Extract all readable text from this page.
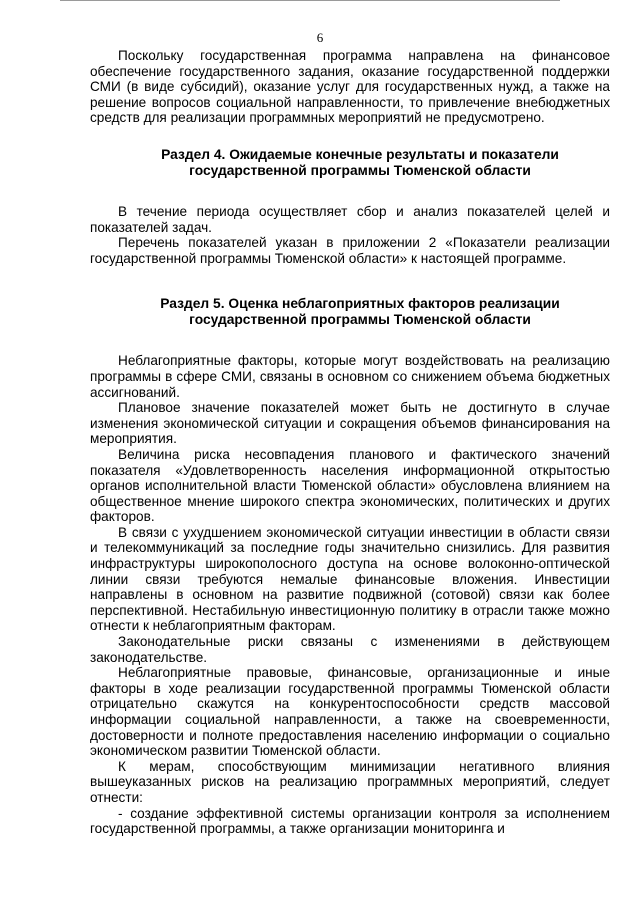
6

Поскольку государственная программа направлена на финансовое обеспечение государственного задания, оказание государственной поддержки СМИ (в виде субсидий), оказание услуг для государственных нужд, а также на решение вопросов социальной направленности, то привлечение внебюджетных средств для реализации программных мероприятий не предусмотрено.

Раздел 4. Ожидаемые конечные результаты и показатели
государственной программы Тюменской области

В течение периода осуществляет сбор и анализ показателей целей и показателей задач.

Перечень показателей указан в приложении 2 «Показатели реализации государственной программы Тюменской области» к настоящей программе.

Раздел 5. Оценка неблагоприятных факторов реализации
государственной программы Тюменской области

Неблагоприятные факторы, которые могут воздействовать на реализацию программы в сфере СМИ, связаны в основном со снижением объема бюджетных ассигнований.

Плановое значение показателей может быть не достигнуто в случае изменения экономической ситуации и сокращения объемов финансирования на мероприятия.

Величина риска несовпадения планового и фактического значений показателя «Удовлетворенность населения информационной открытостью органов исполнительной власти Тюменской области» обусловлена влиянием на общественное мнение широкого спектра экономических, политических и других факторов.

В связи с ухудшением экономической ситуации инвестиции в области связи и телекоммуникаций за последние годы значительно снизились. Для развития инфраструктуры широкополосного доступа на основе волоконно-оптической линии связи требуются немалые финансовые вложения. Инвестиции направлены в основном на развитие подвижной (сотовой) связи как более перспективной. Нестабильную инвестиционную политику в отрасли также можно отнести к неблагоприятным факторам.

Законодательные риски связаны с изменениями в действующем законодательстве.

Неблагоприятные правовые, финансовые, организационные и иные факторы в ходе реализации государственной программы Тюменской области отрицательно скажутся на конкурентоспособности средств массовой информации социальной направленности, а также на своевременности, достоверности и полноте предоставления населению информации о социально экономическом развитии Тюменской области.

К мерам, способствующим минимизации негативного влияния вышеуказанных рисков на реализацию программных мероприятий, следует отнести:

- создание эффективной системы организации контроля за исполнением государственной программы, а также организации мониторинга и
